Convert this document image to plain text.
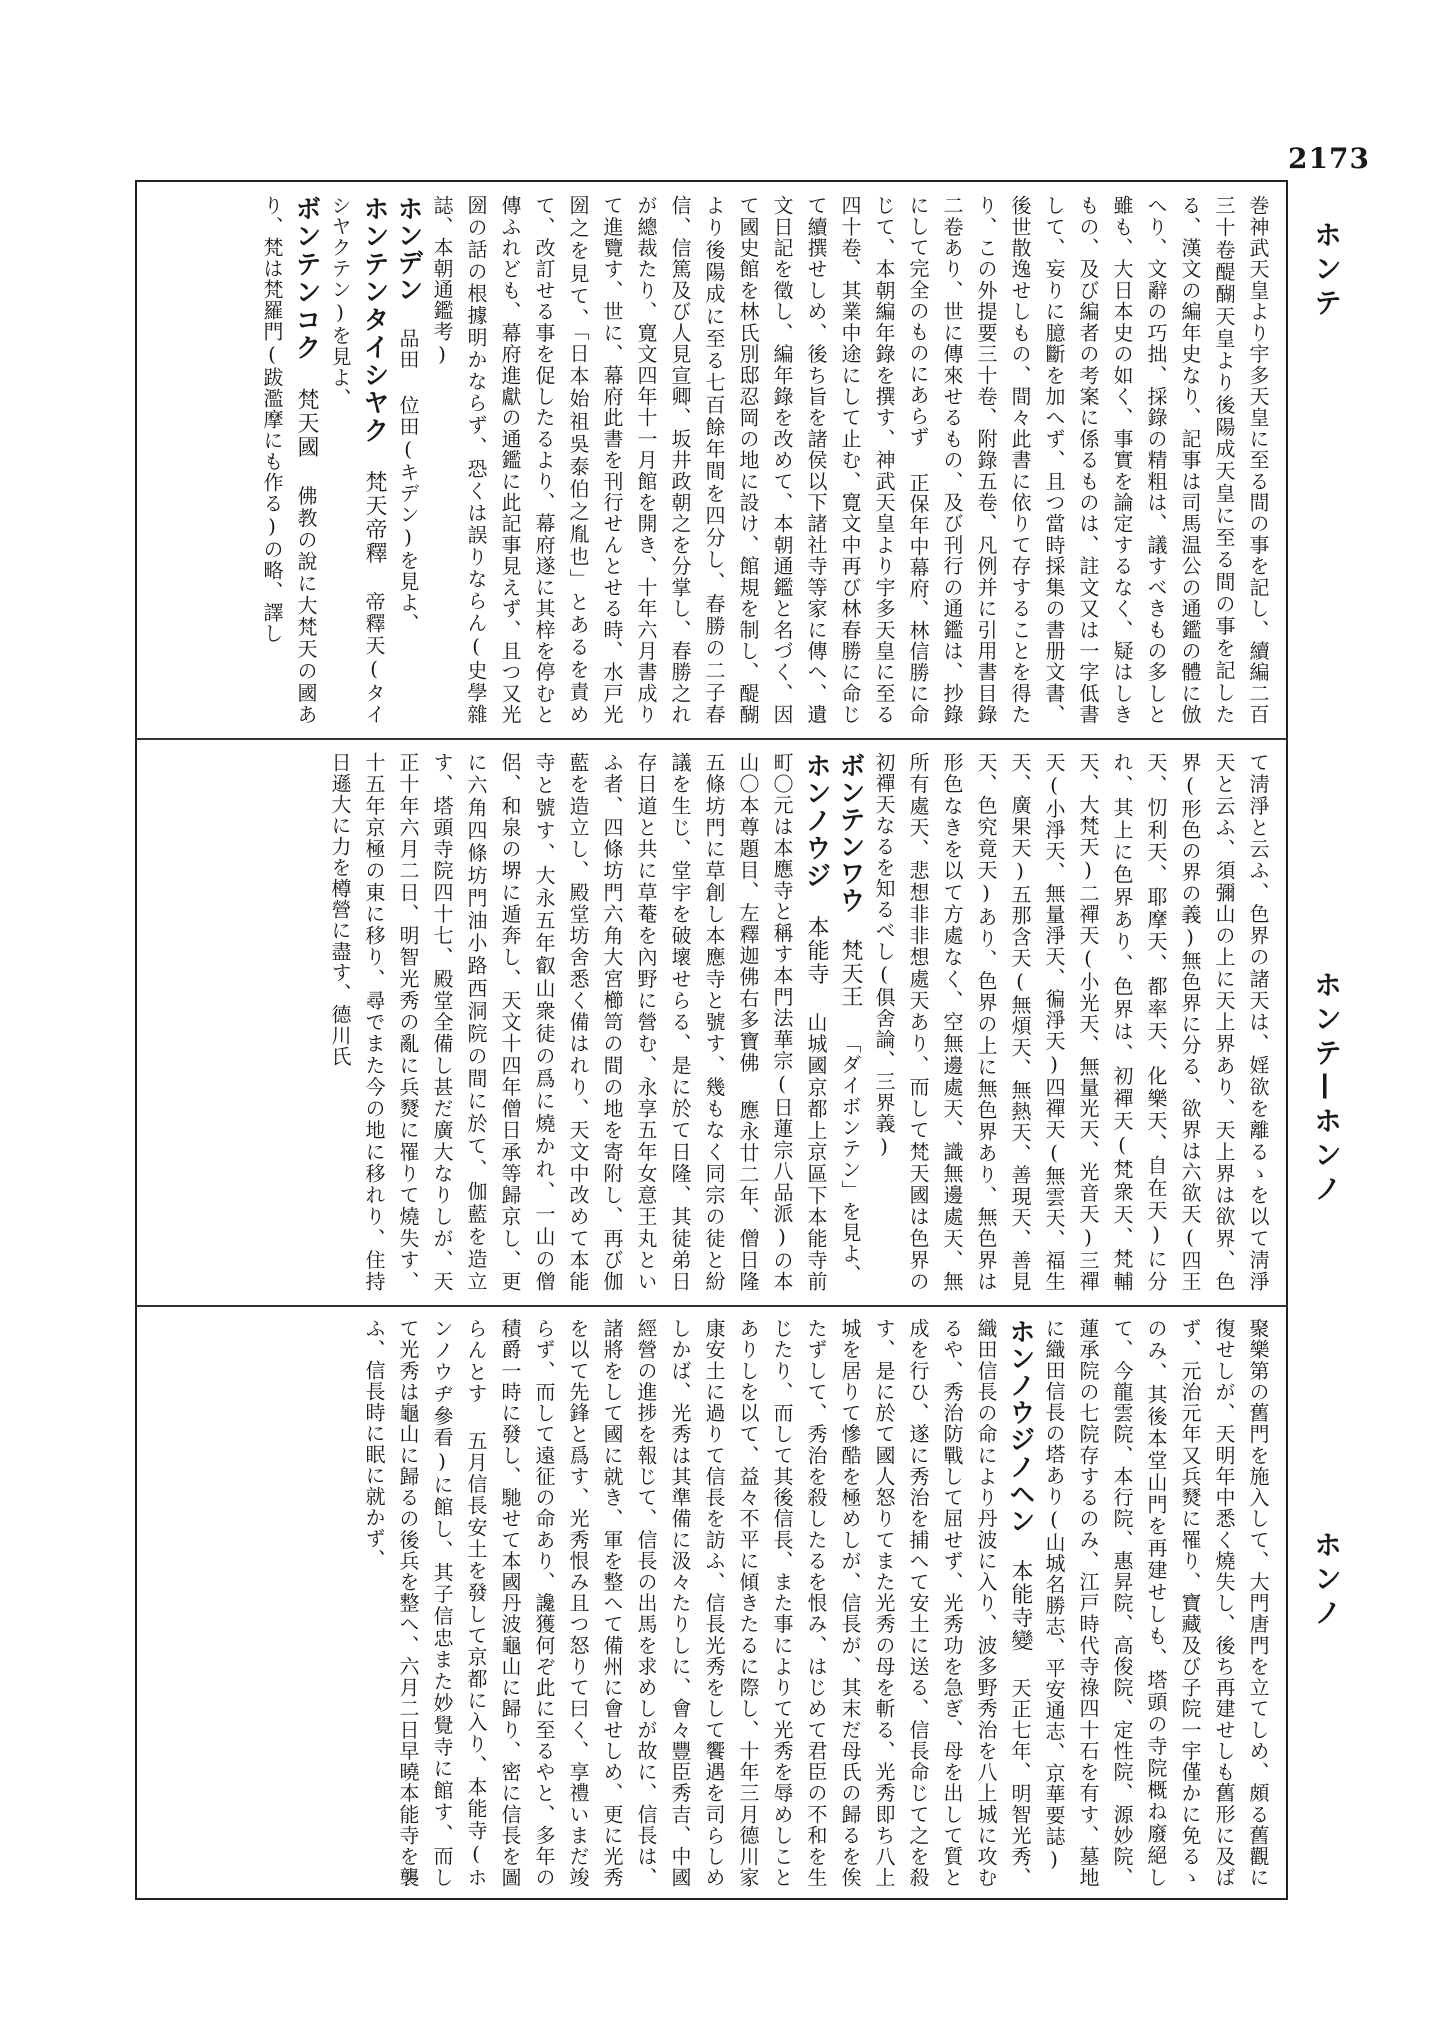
2173
ホンテ
ホンテ—ホンノ
ホンノ
巻神武天皇より宇多天皇に至る間の事を記し、續編二百三十卷醍醐天皇より後陽成天皇に至る間の事を記したる、漢文の編年史なり、記事は司馬温公の通鑑の體に倣へり、文辭の巧拙、採錄の精粗は、議すべきもの多しと雖も、大日本史の如く、事實を論定するなく、疑はしきもの、及び編者の考案に係るものは、註文又は一字低書して、妄りに臆斷を加へず、且つ當時採集の書册文書、後世散逸せしもの、間々此書に依りて存することを得たり、この外提要三十卷、附錄五卷、凡例并に引用書目錄二卷あり、世に傳來せるもの、及び刊行の通鑑は、抄錄にして完全のものにあらず 正保年中幕府、林信勝に命じて、本朝編年錄を撰す、神武天皇より宇多天皇に至る四十卷、其業中途にして止む、寛文中再び林春勝に命じて續撰せしめ、後ち旨を諸侯以下諸社寺等家に傳へ、遺文日記を徵し、編年錄を改めて、本朝通鑑と名づく、因て國史館を林氏別邸忍岡の地に設け、館規を制し、醍醐より後陽成に至る七百餘年間を四分し、春勝の二子春信、信篤及び人見宣卿、坂井政朝之を分掌し、春勝之れが總裁たり、寛文四年十一月館を開き、十年六月書成りて進覽す、世に、幕府此書を刊行せんとせる時、水戸光圀之を見て、「日本始祖吳泰伯之胤也」とあるを責めて、改訂せる事を促したるより、幕府遂に其梓を停むと傳ふれども、幕府進獻の通鑑に此記事見えず、且つ又光圀の話の根據明かならず、恐くは誤りならん(史學雜誌、本朝通鑑考)
ホンデン 品田 位田(キデン)を見よ、
ホンテンタイシヤク 梵天帝釋 帝釋天(タイシヤクテン)を見よ、
ボンテンコク 梵天國 佛教の說に大梵天の國あり、梵は梵羅門(跋濫摩にも作る)の略、譯し
て淸淨と云ふ、色界の諸天は、婬欲を離るゝを以て淸淨天と云ふ、須彌山の上に天上界あり、天上界は欲界、色界(形色の界の義)無色界に分る、欲界は六欲天(四王天、忉利天、耶摩天、都率天、化樂天、自在天)に分れ、其上に色界あり、色界は、初禪天(梵衆天、梵輔天、大梵天)二禪天(小光天、無量光天、光音天)三禪天(小淨天、無量淨天、徧淨天)四禪天(無雲天、福生天、廣果天)五那含天(無煩天、無熱天、善現天、善見天、色究竟天)あり、色界の上に無色界あり、無色界は形色なきを以て方處なく、空無邊處天、識無邊處天、無所有處天、悲想非非想處天あり、而して梵天國は色界の初禪天なるを知るべし(俱舍論、三界義)
ボンテンワウ 梵天王 「ダイボンテン」を見よ、
ホンノウジ 本能寺 山城國京都上京區下本能寺前町〇元は本應寺と稱す本門法華宗(日蓮宗八品派)の本山〇本尊題目、左釋迦佛右多寶佛 應永廿二年、僧日隆五條坊門に草創し本應寺と號す、幾もなく同宗の徒と紛議を生じ、堂宇を破壞せらる、是に於て日隆、其徒弟日存日道と共に草菴を內野に營む、永享五年女意王丸といふ者、四條坊門六角大宮櫛笥の間の地を寄附し、再び伽藍を造立し、殿堂坊舍悉く備はれり、天文中改めて本能寺と號す、大永五年叡山衆徒の爲に燒かれ、一山の僧侶、和泉の堺に遁奔し、天文十四年僧日承等歸京し、更に六角四條坊門油小路西洞院の間に於て、伽藍を造立す、塔頭寺院四十七、殿堂全備し甚だ廣大なりしが、天正十年六月二日、明智光秀の亂に兵燹に罹りて燒失す、十五年京極の東に移り、尋でまた今の地に移れり、住持日遜大に力を樽營に盡す、德川氏
聚樂第の舊門を施入して、大門唐門を立てしめ、頗る舊觀に復せしが、天明年中悉く燒失し、後ち再建せしも舊形に及ばず、元治元年又兵燹に罹り、寶藏及び子院一宇僅かに免るゝのみ、其後本堂山門を再建せしも、塔頭の寺院概ね廢絕して、今龍雲院、本行院、惠昇院、高俊院、定性院、源妙院、蓮承院の七院存するのみ、江戸時代寺祿四十石を有す、墓地に織田信長の塔あり(山城名勝志、平安通志、京華要誌)
ホンノウジノヘン 本能寺變 天正七年、明智光秀、織田信長の命により丹波に入り、波多野秀治を八上城に攻むるや、秀治防戰して屈せず、光秀功を急ぎ、母を出して質と成を行ひ、遂に秀治を捕へて安土に送る、信長命じて之を殺す、是に於て國人怒りてまた光秀の母を斬る、光秀即ち八上城を居りて慘酷を極めしが、信長が、其末だ母氏の歸るを俟たずして、秀治を殺したるを恨み、はじめて君臣の不和を生じたり、而して其後信長、また事によりて光秀を辱めしことありしを以て、益々不平に傾きたるに際し、十年三月德川家康安土に過りて信長を訪ふ、信長光秀をして饗遇を司らしめしかば、光秀は其準備に汲々たりしに、會々豐臣秀吉、中國經營の進捗を報じて、信長の出馬を求めしが故に、信長は、諸將をして國に就き、軍を整へて備州に會せしめ、更に光秀を以て先鋒と爲す、光秀恨み且つ怒りて曰く、享禮いまだ竣らず、而して遠征の命あり、讒獲何ぞ此に至るやと、多年の積爵一時に發し、馳せて本國丹波龜山に歸り、密に信長を圖らんとす 五月信長安土を發して京都に入り、本能寺(ホンノウヂ參看)に館し、其子信忠また妙覺寺に館す、而して光秀は龜山に歸るの後兵を整へ、六月二日早曉本能寺を襲ふ、信長時に眠に就かず、
